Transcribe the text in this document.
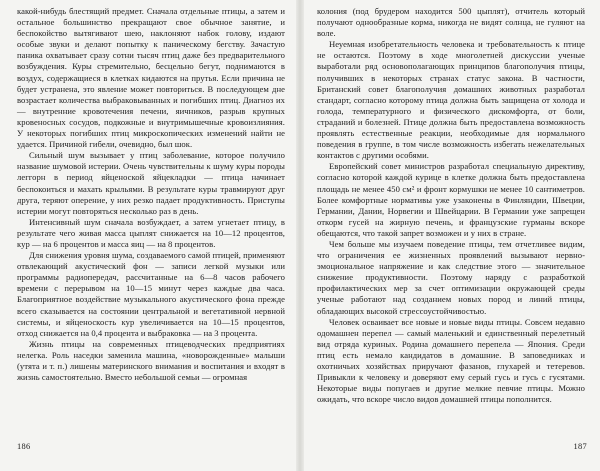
какой-нибудь блестящий предмет. Сначала отдельные птицы, а затем и остальное большинство прекращают свое обычное занятие, и беспокойство вытягивают шею, наклоняют набок голову, издают особые звуки и делают попытку к паническому бегству. Зачастую паника охватывает сразу сотни тысяч птиц даже без предварительного возбуждения. Куры стремительно, бесцельно бегут, поднимаются в воздух, содержащиеся в клетках кидаются на прутья. Если причина не будет устранена, это явление может повториться. В последующем дне возрастает количества выбраковыванных и погибших птиц. Диагноз их — внутренние кровотечения печени, яичников, разрыв крупных кровеносных сосудов, подкожные и внутримышечные кровоизлияния. У некоторых погибших птиц микроскопических изменений найти не удается. Причиной гибели, очевидно, был шок.

Сильный шум вызывает у птиц заболевание, которое получило название шумовой истерии. Очень чувствительны к шуму куры породы леггорн в период яйценоской яйцекладки — птица начинает беспокоиться и махать крыльями. В результате куры травмируют друг друга, теряют оперение, у них резко падает продуктивность. Приступы истерии могут повторяться несколько раз в день.

Интенсивный шум сначала возбуждает, а затем угнетает птицу, в результате чего живая масса цыплят снижается на 10—12 процентов, кур — на 6 процентов и масса яиц — на 8 процентов.

Для снижения уровня шума, создаваемого самой птицей, применяют отвлекающий акустический фон — записи легкой музыки или программы радиопередач, рассчитанные на 6—8 часов рабочего времени с перерывом на 10—15 минут через каждые два часа. Благоприятное воздействие музыкального акустического фона прежде всего сказывается на состоянии центральной и вегетативной нервной системы, и яйценоскость кур увеличивается на 10—15 процентов, отход снижается на 0,4 процента и выбраковка — на 3 процента.

Жизнь птицы на современных птицеводческих предприятиях нелегка. Роль наседки заменила машина, «новорожденные» малыши (утята и т. п.) лишены материнского внимания и воспитания и входят в жизнь самостоятельно. Вместо небольшой семьи — огромная

186

колония (под брудером находится 500 цыплят), отчитель который получают однообразные корма, никогда не видят солнца, не гуляют на воле.

Неуемная изобретательность человека и требовательность к птице не остаются. Поэтому в ходе многолетней дискуссии ученые выработали ряд основополагающих принципов благополучия птицы, получивших в некоторых странах статус закона. В частности, Британский совет благополучия домашних животных разработал стандарт, согласно которому птица должна быть защищена от холода и голода, температурного и физического дискомфорта, от боли, страданий и болезней. Птице должна быть предоставлена возможность проявлять естественные реакции, необходимые для нормального поведения в группе, в том числе возможность избегать нежелательных контактов с другими особями.

Европейский совет министров разработал специальную директиву, согласно которой каждой курице в клетке должна быть предоставлена площадь не менее 450 см² и фронт кормушки не менее 10 сантиметров. Более комфортные нормативы уже узаконены в Финляндии, Швеции, Германии, Дании, Норвегии и Швейцарии. В Германии уже запрещен откорм гусей на жирную печень, и французские гурманы вскоре обещаются, что такой запрет возможен и у них в стране.

Чем больше мы изучаем поведение птицы, тем отчетливее видим, что ограничения ее жизненных проявлений вызывают нервно-эмоциональное напряжение и как следствие этого — значительное снижение продуктивности. Поэтому наряду с разработкой профилактических мер за счет оптимизации окружающей среды ученые работают над созданием новых пород и линий птицы, обладающих высокой стрессоустойчивостью.

Человек осваивает все новые и новые виды птицы. Совсем недавно одомашнен перепел — самый маленький и единственный перелетный вид отряда куриных. Родина домашнего перепела — Япония. Среди птиц есть немало кандидатов в домашние. В заповедниках и охотничьих хозяйствах приручают фазанов, глухарей и тетеревов. Привыкли к человеку и доверяют ему серый гусь и гусь с гусятами. Некоторые виды попугаев и другие мелкие певчие птицы. Можно ожидать, что вскоре число видов домашней птицы пополнится.

187
